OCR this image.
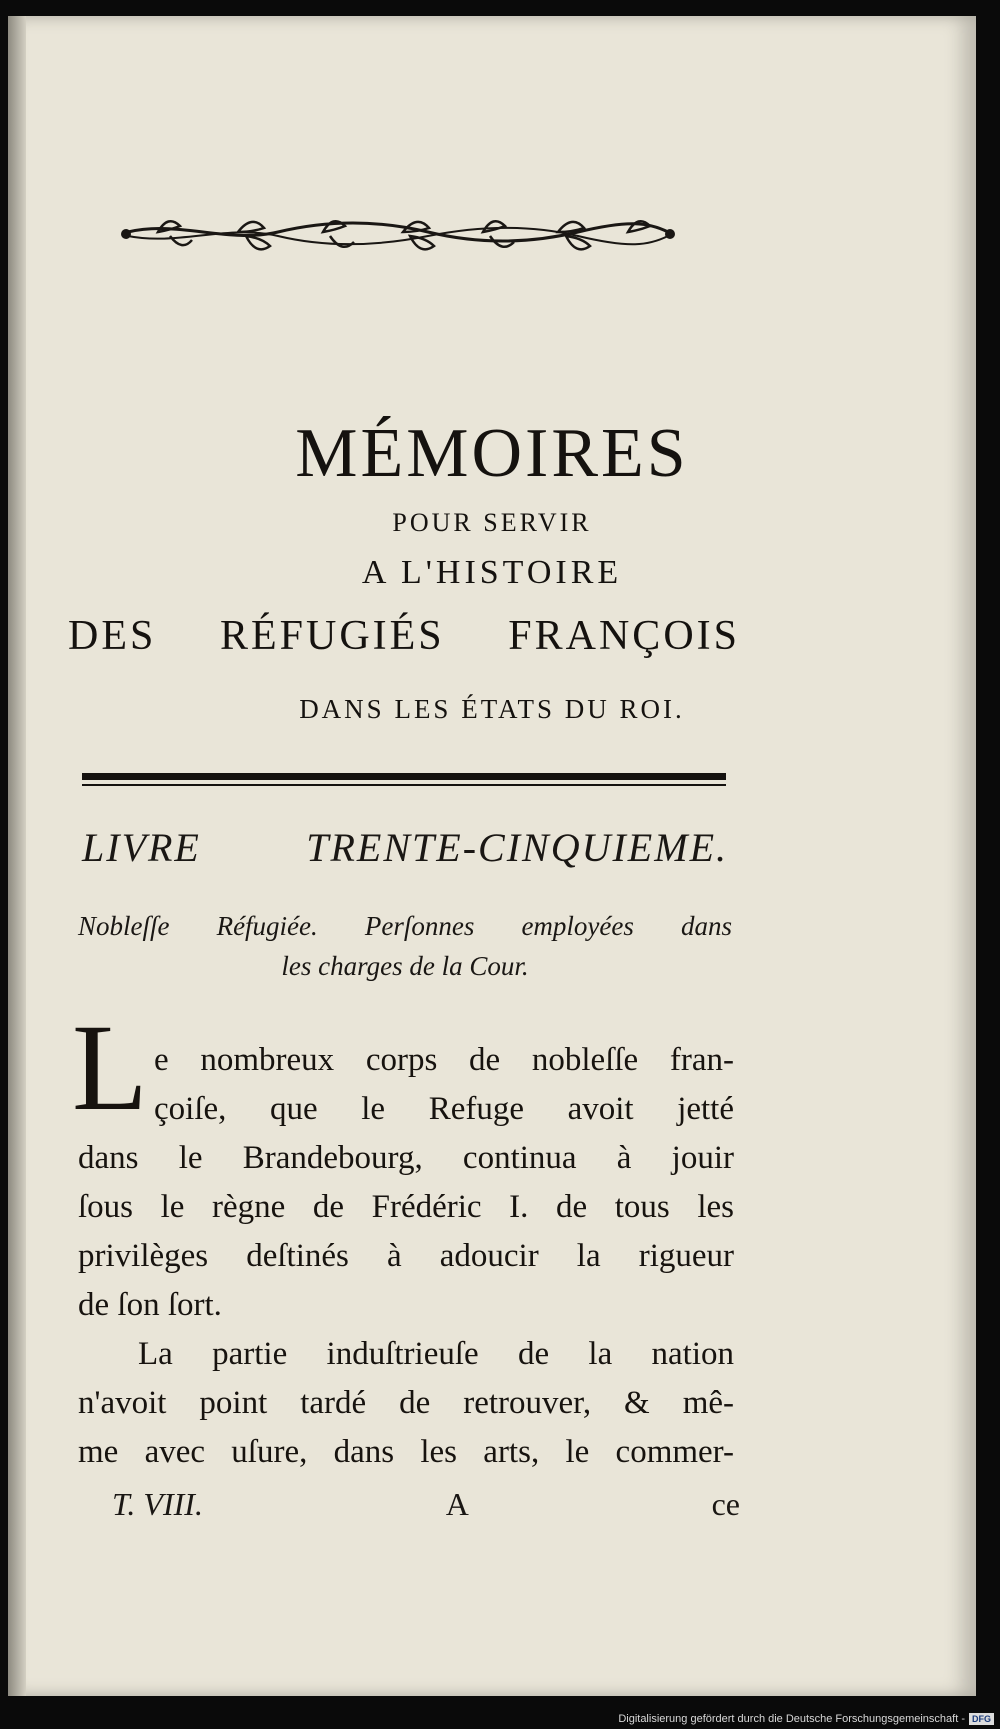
MÉMOIRES
POUR SERVIR
A L'HISTOIRE
DES RÉFUGIÉS FRANÇOIS
DANS LES ÉTATS DU ROI.
LIVRE TRENTE-CINQUIEME.
Nobleſſe Réfugiée. Perſonnes employées dans
les charges de la Cour.
L e nombreux corps de nobleſſe fran-
çoiſe, que le Refuge avoit jetté
dans le Brandebourg, continua à jouir
ſous le règne de Frédéric I. de tous les
privilèges deſtinés à adoucir la rigueur
de ſon ſort.
La partie induſtrieuſe de la nation
n'avoit point tardé de retrouver, & mê-
me avec uſure, dans les arts, le commer-
T. VIII.	A	ce
Digitalisierung gefördert durch die Deutsche Forschungsgemeinschaft - DFG
